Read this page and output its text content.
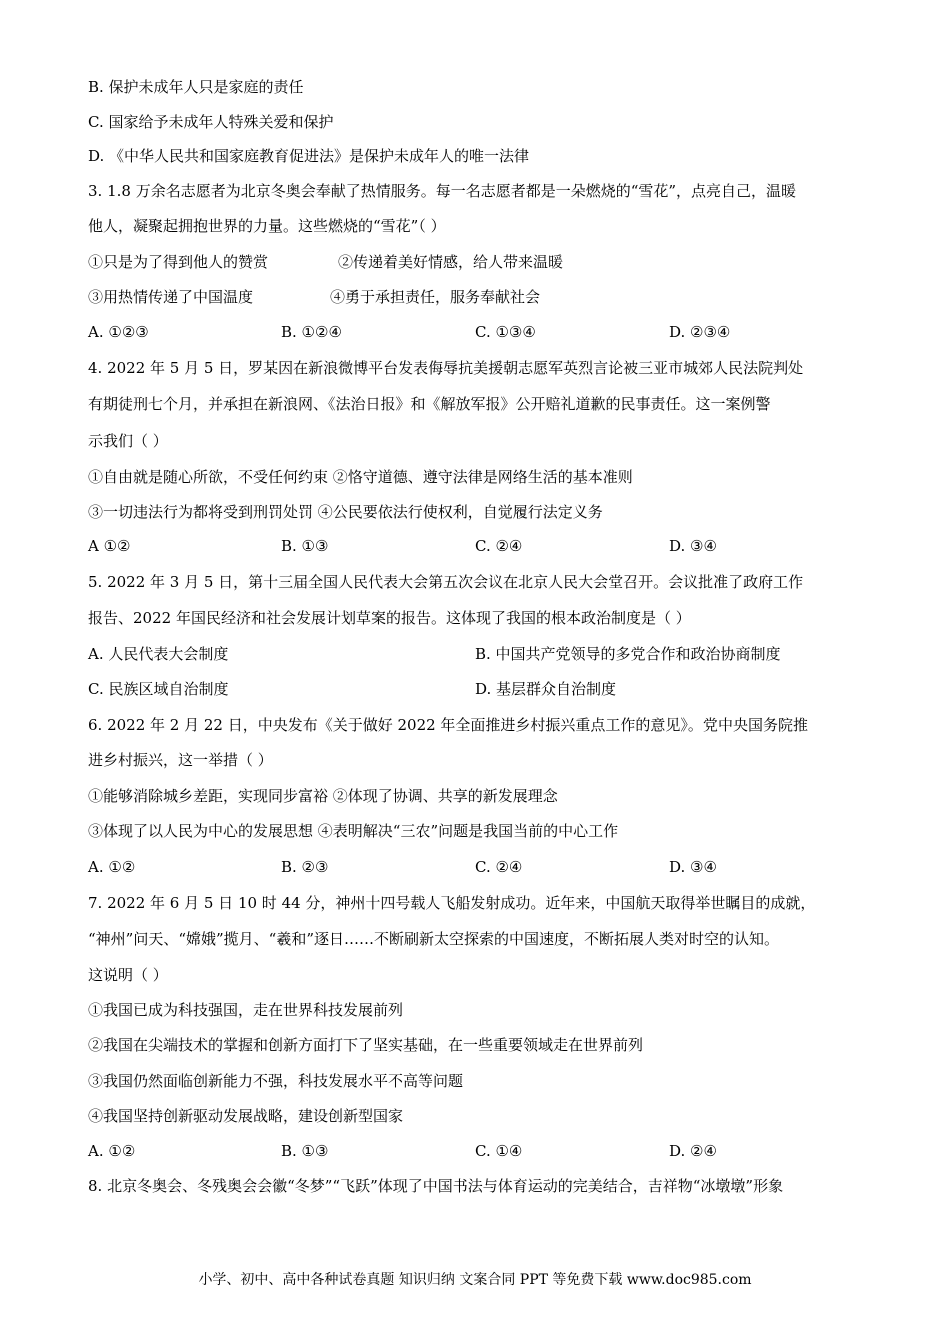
B. 保护未成年人只是家庭的责任
C. 国家给予未成年人特殊关爱和保护
D. 《中华人民共和国家庭教育促进法》是保护未成年人的唯一法律
3. 1.8 万余名志愿者为北京冬奥会奉献了热情服务。每一名志愿者都是一朵燃烧的“雪花”，点亮自己，温暖
他人，凝聚起拥抱世界的力量。这些燃烧的“雪花”（ ）
①只是为了得到他人的赞赏	②传递着美好情感，给人带来温暖
③用热情传递了中国温度	④勇于承担责任，服务奉献社会
A. ①②③	B. ①②④	C. ①③④	D. ②③④
4. 2022 年 5 月 5 日，罗某因在新浪微博平台发表侮辱抗美援朝志愿军英烈言论被三亚市城郊人民法院判处
有期徒刑七个月，并承担在新浪网、《法治日报》和《解放军报》公开赔礼道歉的民事责任。这一案例警
示我们（ ）
①自由就是随心所欲，不受任何约束 ②恪守道德、遵守法律是网络生活的基本准则
③一切违法行为都将受到刑罚处罚 ④公民要依法行使权利，自觉履行法定义务
A ①②	B. ①③	C. ②④	D. ③④
5. 2022 年 3 月 5 日，第十三届全国人民代表大会第五次会议在北京人民大会堂召开。会议批准了政府工作
报告、2022 年国民经济和社会发展计划草案的报告。这体现了我国的根本政治制度是（ ）
A. 人民代表大会制度	B. 中国共产党领导的多党合作和政治协商制度
C. 民族区域自治制度	D. 基层群众自治制度
6. 2022 年 2 月 22 日，中央发布《关于做好 2022 年全面推进乡村振兴重点工作的意见》。党中央国务院推
进乡村振兴，这一举措（ ）
①能够消除城乡差距，实现同步富裕 ②体现了协调、共享的新发展理念
③体现了以人民为中心的发展思想 ④表明解决“三农”问题是我国当前的中心工作
A. ①②	B. ②③	C. ②④	D. ③④
7. 2022 年 6 月 5 日 10 时 44 分，神州十四号载人飞船发射成功。近年来，中国航天取得举世瞩目的成就，
“神州”问天、“嫦娥”揽月、“羲和”逐日……不断刷新太空探索的中国速度，不断拓展人类对时空的认知。
这说明（ ）
①我国已成为科技强国，走在世界科技发展前列
②我国在尖端技术的掌握和创新方面打下了坚实基础，在一些重要领域走在世界前列
③我国仍然面临创新能力不强，科技发展水平不高等问题
④我国坚持创新驱动发展战略，建设创新型国家
A. ①②	B. ①③	C. ①④	D. ②④
8. 北京冬奥会、冬残奥会会徽“冬梦”“飞跃”体现了中国书法与体育运动的完美结合，吉祥物“冰墩墩”形象
小学、初中、高中各种试卷真题 知识归纳 文案合同 PPT 等免费下载 www.doc985.com
